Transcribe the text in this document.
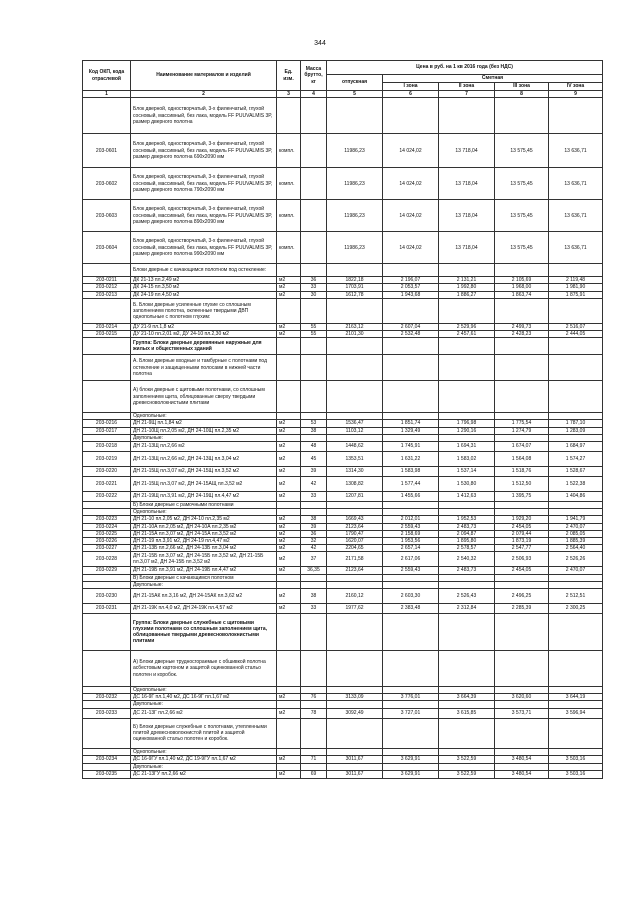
344
Код ОКП, кода отраслевой	Наименование материалов и изделий	Ед. изм.	Масса брутто, кг	Цена в руб. на 1 кв 2016 года (без НДС)				
				отпускная	Сметная			
					I зона	II зона	III зона	IV зона
1	2	3	4	5	6	7	8	9
	Блок дверной, одностворчатый, 3-х филенчатый, глухой сосновый, массивный, без лака, модель FF PUUVALMIS 3P, размер дверного полотна							
203-0601	Блок дверной, одностворчатый, 3-х филенчатый, глухой сосновый, массивный, без лака, модель FF PUUVALMIS 3P, размер дверного полотна 690x2090 мм	компл.		11986,23	14 024,02	13 718,04	13 575,45	13 636,71
203-0602	Блок дверной, одностворчатый, 3-х филенчатый, глухой сосновый, массивный, без лака, модель FF PUUVALMIS 3P, размер дверного полотна 790x2090 мм	компл.		11986,23	14 024,02	13 718,04	13 575,45	13 636,71
203-0603	Блок дверной, одностворчатый, 3-х филенчатый, глухой сосновый, массивный, без лака, модель FF PUUVALMIS 3P, размер дверного полотна 890x2090 мм	компл.		11986,23	14 024,02	13 718,04	13 575,45	13 636,71
203-0604	Блок дверной, одностворчатый, 3-х филенчатый, глухой сосновый, массивный, без лака, модель FF PUUVALMIS 3P, размер дверного полотна 990x2090 мм	компл.		11986,23	14 024,02	13 718,04	13 575,45	13 636,71
	Блоки дверные с качающимся полотном под остекление:							
203-0211	ДК 21-13 пл.2,49 м2	м2	36	1822,18	2 196,07	2 131,21	2 105,69	2 119,48
203-0212	ДК 24-15 пл.3,50 м2	м2	33	1703,91	2 053,57	1 992,80	1 968,00	1 981,90
203-0213	ДК 24-19 пл.4,50 м2	м2	30	1612,78	1 943,68	1 886,27	1 863,74	1 875,91
	Б. Блоки дверные усиленные глухие со сплошным заполнением полотна, оклеенные твердыми ДВП однопольные с полотном глухим:							
203-0214	ДУ 21-9 пл.1,8 м2	м2	55	2163,12	2 607,04	2 529,96	2 499,73	2 516,07
203-0215	ДУ 21-10 пл.2,01 м2, ДУ 24-10 пл.2,30 м2	м2	55	2101,30	2 532,48	2 457,61	2 428,23	2 444,05
	Группа: Блоки дверные деревянные наружные для жилых и общественных зданий							
	А. Блоки дверные входные и тамбурные с полотнами под остекление и защищенными полосами в нижней части полотна							
	А) блоки дверные с щитовыми полотнами, со сплошным заполнением щита, облицованные сверху твердыми древесноволокнистыми плитами							
	Однопольные:							
203-0216	ДН 21-9Щ пл.1,84 м2	м2	53	1536,47	1 851,74	1 796,98	1 775,54	1 787,10
203-0217	ДН 21-10Щ пл.2,05 м2, ДН 24-10Щ пл.2,35 м2	м2	38	1103,12	1 329,49	1 290,16	1 274,79	1 283,09
	Двупольные:							
203-0218	ДН 21-13Щ пл.2,66 м2	м2	48	1448,62	1 745,91	1 694,31	1 674,07	1 684,97
203-0219	ДН 21-13Щ пл.2,66 м2, ДН 24-13Щ пл.3,04 м2	м2	45	1353,51	1 631,22	1 583,02	1 564,08	1 574,27
203-0220	ДН 21-15Щ пл.3,07 м2, ДН 24-15Щ пл.3,52 м2	м2	39	1314,30	1 583,98	1 537,14	1 518,76	1 528,67
203-0221	ДН 21-15Щ пл.3,07 м2, ДН 24-15АЩ пл.3,52 м2	м2	42	1308,82	1 577,44	1 530,80	1 512,50	1 522,38
203-0222	ДН 21-19Щ пл.3,91 м2, ДН 24-19Щ пл.4,47 м2	м2	33	1207,81	1 455,66	1 412,63	1 395,75	1 404,86
	Б) Блоки дверные с рамочными полотнами							
	Однопольные:							
203-0223	ДН 21-10 пл.2,05 м2, ДН 24-10 пл.2,35 м2	м2	38	1669,43	2 012,01	1 952,53	1 929,20	1 941,79
203-0224	ДН 21-10А пл.2,05 м2, ДН 24-10А пл.2,35 м2	м2	39	2123,64	2 559,43	2 483,73	2 454,05	2 470,07
203-0225	ДН 21-15А пл.3,07 м2, ДН 24-15А пл.3,52 м2	м2	36	1790,47	2 158,69	2 094,87	2 079,44	2 085,05
203-0226	ДН 21-19 пл.3,91 м2, ДН 24-19 пл.4,47 м2	м2	32	1620,07	1 953,56	1 895,80	1 873,19	1 885,39
203-0227	ДН 21-13Б пл.2,66 м2, ДН 24-13Б пл.3,04 м2	м2	42	2204,65	2 657,14	2 578,57	2 547,77	2 564,40
203-0228	ДН 21-15Б пл.3,07 м2, ДН 24-15Б пл.3,52 м2, ДН 21-15Б пл.3,07 м2, ДН 24-15Б пл.3,52 м2	м2	37	2171,58	2 617,06	2 540,32	2 506,93	2 526,26
203-0229	ДН 21-19Б пл.3,91 м2, ДН 24-19Б пл.4,47 м2	м2	36,35	2123,64	2 559,43	2 483,73	2 454,05	2 470,07
	В) Блоки дверные с качающимся полотном							
	Двупольные:							
203-0230	ДН 21-15АК пл.3,16 м2, ДН 24-15АК пл.3,62 м2	м2	38	2160,12	2 603,30	2 526,43	2 496,25	2 512,51
203-0231	ДН 21-19К пл.4,0 м2, ДН 24-19К пл.4,57 м2	м2	33	1977,62	2 383,48	2 312,84	2 285,39	2 300,25
	Группа: Блоки дверные служебные с щитовыми глухими полотнами со сплошным заполнением щита, облицованные твердыми древесноволокнистыми плитами							
	А) Блоки дверные трудносгораемые с обшивкой полотна асбестовым картоном и защитой оцинкованной стальо полотен и коробок.							
	Однопольные:							
203-0232	ДС 16-9Г пл.1,40 м2, ДС 16-9Г пл.1,67 м2	м2	76	3133,09	3 776,01	3 664,39	3 620,60	3 644,19
	Двупольные:							
203-0233	ДС 21-13Г пл.2,66 м2	м2	78	3092,49	3 727,01	3 615,85	3 573,71	3 596,94
	Б) Блоки дверные служебные с полотнами, утепленными плитой древесноволокнистой плитой и защитой оцинкованной стальо полотен и коробок.							
	Однопольные:							
203-0234	ДС 16-9ГУ пл.1,40 м2, ДС 19-9ГУ пл.1,67 м2	м2	71	3011,67	3 629,91	3 522,59	3 480,54	3 503,16
	Двупольные:							
203-0235	ДС 21-13ГУ пл.2,66 м2	м2	69	3011,67	3 629,91	3 522,59	3 480,54	3 503,16
